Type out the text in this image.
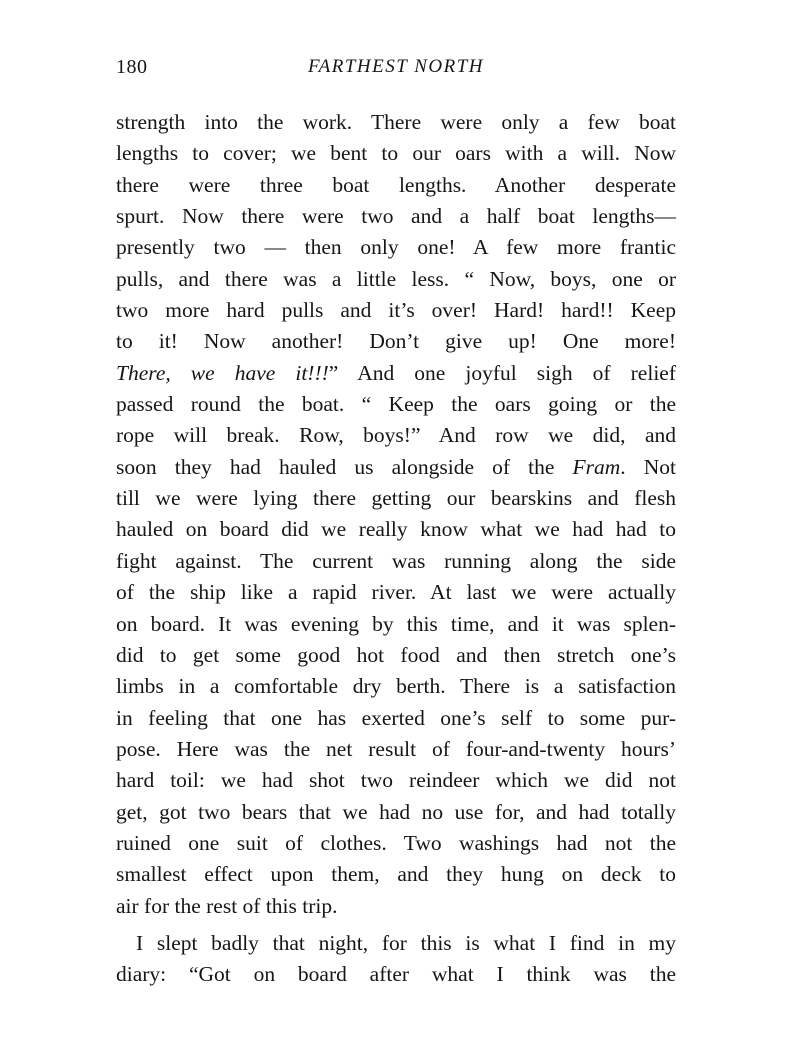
180	FARTHEST NORTH
strength into the work. There were only a few boat
lengths to cover; we bent to our oars with a will. Now
there were three boat lengths. Another desperate
spurt. Now there were two and a half boat lengths—
presently two — then only one! A few more frantic
pulls, and there was a little less. “ Now, boys, one or
two more hard pulls and it’s over! Hard! hard!! Keep
to it! Now another! Don’t give up! One more!
There, we have it!!!” And one joyful sigh of relief
passed round the boat. “ Keep the oars going or the
rope will break. Row, boys!” And row we did, and
soon they had hauled us alongside of the Fram. Not
till we were lying there getting our bearskins and flesh
hauled on board did we really know what we had had to
fight against. The current was running along the side
of the ship like a rapid river. At last we were actually
on board. It was evening by this time, and it was splen-
did to get some good hot food and then stretch one’s
limbs in a comfortable dry berth. There is a satisfaction
in feeling that one has exerted one’s self to some pur-
pose. Here was the net result of four-and-twenty hours’
hard toil: we had shot two reindeer which we did not
get, got two bears that we had no use for, and had totally
ruined one suit of clothes. Two washings had not the
smallest effect upon them, and they hung on deck to
air for the rest of this trip.
I slept badly that night, for this is what I find in my
diary: “Got on board after what I think was the
